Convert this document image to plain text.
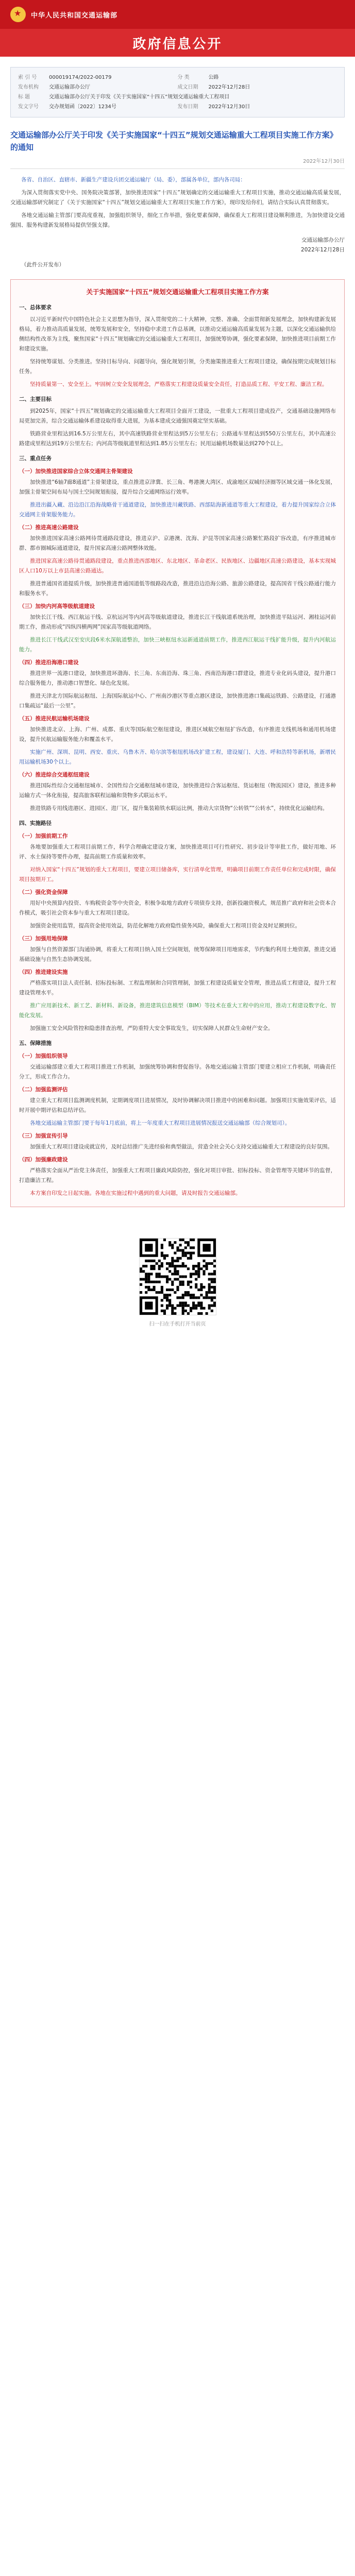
★
中华人民共和国交通运输部
政府信息公开
索 引 号	000019174/2022-00179	分 类	公路
发布机构	交通运输部办公厅	成文日期	2022年12月28日
标 题	交通运输部办公厅关于印发《关于实施国家“十四五”规划交通运输重大工程项目
发文字号	交办规划函〔2022〕1234号	发布日期	2022年12月30日
交通运输部办公厅关于印发《关于实施国家“十四五”规划交通运输重大工程项目实施工作方案》的通知
2022年12月30日
各省、自治区、直辖市、新疆生产建设兵团交通运输厅（局、委），部属各单位，部内各司局：
为深入贯彻落实党中央、国务院决策部署，加快推进国家“十四五”规划确定的交通运输重大工程项目实施，推动交通运输高质量发展，交通运输部研究制定了《关于实施国家“十四五”规划交通运输重大工程项目实施工作方案》，现印发给你们，请结合实际认真贯彻落实。
各地交通运输主管部门要高度重视，加强组织领导，细化工作举措，强化要素保障，确保重大工程项目建设顺利推进，为加快建设交通强国、服务构建新发展格局提供坚强支撑。
交通运输部办公厅
2022年12月28日
（此件公开发布）
关于实施国家“十四五”规划交通运输重大工程项目实施工作方案
一、总体要求
以习近平新时代中国特色社会主义思想为指导，深入贯彻党的二十大精神，完整、准确、全面贯彻新发展理念，加快构建新发展格局，着力推动高质量发展，统筹发展和安全，坚持稳中求进工作总基调，以推动交通运输高质量发展为主题，以深化交通运输供给侧结构性改革为主线，聚焦国家“十四五”规划确定的交通运输重大工程项目，加强统筹协调，强化要素保障，加快推进项目前期工作和建设实施。
坚持统筹谋划、分类推进。坚持目标导向、问题导向，强化规划引领，分类施策推进重大工程项目建设，确保按期完成规划目标任务。
坚持质量第一、安全至上。牢固树立安全发展理念，严格落实工程建设质量安全责任，打造品质工程、平安工程、廉洁工程。
二、主要目标
到2025年，国家“十四五”规划确定的交通运输重大工程项目全面开工建设，一批重大工程项目建成投产，交通基础设施网络布局更加完善，综合交通运输体系建设取得重大进展，为基本建成交通强国奠定坚实基础。
铁路营业里程达到16.5万公里左右，其中高速铁路营业里程达到5万公里左右；公路通车里程达到550万公里左右，其中高速公路建成里程达到19万公里左右；内河高等级航道里程达到1.85万公里左右；民用运输机场数量达到270个以上。
三、重点任务
（一）加快推进国家综合立体交通网主骨架建设
加快推进“6轴7廊8通道”主骨架建设，重点推进京津冀、长三角、粤港澳大湾区、成渝地区双城经济圈等区域交通一体化发展，加强主骨架空间布局与国土空间规划衔接，提升综合交通网络运行效率。
推进出疆入藏、沿边沿江沿海战略骨干通道建设，加快推进川藏铁路、西部陆海新通道等重大工程建设，着力提升国家综合立体交通网主骨架服务能力。
（二）推进高速公路建设
加快推进国家高速公路网待贯通路段建设，推进京沪、京港澳、沈海、沪昆等国家高速公路繁忙路段扩容改造，有序推进城市群、都市圈城际通道建设，提升国家高速公路网整体效能。
推进国家高速公路待贯通路段建设，重点推进西部地区、东北地区、革命老区、民族地区、边疆地区高速公路建设，基本实现城区人口10万以上市县高速公路通达。
推进普通国省道提质升级，加快推进普通国道低等级路段改造，推进沿边沿海公路、旅游公路建设，提高国省干线公路通行能力和服务水平。
（三）加快内河高等级航道建设
加快长江干线、西江航运干线、京杭运河等内河高等级航道建设，推进长江干线航道系统治理，加快推进平陆运河、湘桂运河前期工作，推动形成“四纵四横两网”国家高等级航道网络。
推进长江干线武汉至安庆段6米水深航道整治，加快三峡枢纽水运新通道前期工作，推进西江航运干线扩能升级，提升内河航运能力。
（四）推进沿海港口建设
推进世界一流港口建设，加快推进环渤海、长三角、东南沿海、珠三角、西南沿海港口群建设，推进专业化码头建设，提升港口综合服务能力，推动港口智慧化、绿色化发展。
推进天津北方国际航运枢纽、上海国际航运中心、广州南沙港区等重点港区建设，加快推进港口集疏运铁路、公路建设，打通港口集疏运“最后一公里”。
（五）推进民航运输机场建设
加快推进北京、上海、广州、成都、重庆等国际航空枢纽建设，推进区域航空枢纽扩容改造，有序推进支线机场和通用机场建设，提升民航运输服务能力和覆盖水平。
实施广州、深圳、昆明、西安、重庆、乌鲁木齐、哈尔滨等枢纽机场改扩建工程，建设厦门、大连、呼和浩特等新机场，新增民用运输机场30个以上。
（六）推进综合交通枢纽建设
推进国际性综合交通枢纽城市、全国性综合交通枢纽城市建设，加快推进综合客运枢纽、货运枢纽（物流园区）建设，推进多种运输方式一体化衔接，提高旅客联程运输和货物多式联运水平。
推进铁路专用线进港区、进园区、进厂区，提升集装箱铁水联运比例，推动大宗货物“公转铁”“公转水”，持续优化运输结构。
四、实施路径
（一）加强前期工作
各地要加强重大工程项目前期工作，科学合理确定建设方案，加快推进项目可行性研究、初步设计等审批工作，做好用地、环评、水土保持等要件办理，提高前期工作质量和效率。
对纳入国家“十四五”规划的重大工程项目，要建立项目储备库，实行清单化管理，明确项目前期工作责任单位和完成时限，确保项目按期开工。
（二）强化资金保障
用好中央预算内投资、车购税资金等中央资金，积极争取地方政府专项债券支持，创新投融资模式，规范推广政府和社会资本合作模式，吸引社会资本参与重大工程项目建设。
加强资金使用监管，提高资金使用效益，防范化解地方政府隐性债务风险，确保重大工程项目资金及时足额到位。
（三）加强用地保障
加强与自然资源部门沟通协调，将重大工程项目纳入国土空间规划，统筹保障项目用地需求，节约集约利用土地资源，推进交通基础设施与自然生态协调发展。
（四）推进建设实施
严格落实项目法人责任制、招标投标制、工程监理制和合同管理制，加强工程建设质量安全管理，推进品质工程建设，提升工程建设管理水平。
推广应用新技术、新工艺、新材料、新设备，推进建筑信息模型（BIM）等技术在重大工程中的应用，推动工程建设数字化、智能化发展。
加强施工安全风险管控和隐患排查治理，严防重特大安全事故发生，切实保障人民群众生命财产安全。
五、保障措施
（一）加强组织领导
交通运输部建立重大工程项目推进工作机制，加强统筹协调和督促指导。各地交通运输主管部门要建立相应工作机制，明确责任分工，形成工作合力。
（二）加强监测评估
建立重大工程项目监测调度机制，定期调度项目进展情况，及时协调解决项目推进中的困难和问题。加强项目实施效果评估，适时开展中期评估和总结评估。
各地交通运输主管部门要于每年1月底前，将上一年度重大工程项目进展情况报送交通运输部（综合规划司）。
（三）加强宣传引导
加强重大工程项目建设成就宣传，及时总结推广先进经验和典型做法，营造全社会关心支持交通运输重大工程建设的良好氛围。
（四）加强廉政建设
严格落实全面从严治党主体责任，加强重大工程项目廉政风险防控，强化对项目审批、招标投标、资金管理等关键环节的监督，打造廉洁工程。
本方案自印发之日起实施。各地在实施过程中遇到的重大问题，请及时报告交通运输部。
扫一扫在手机打开当前页
